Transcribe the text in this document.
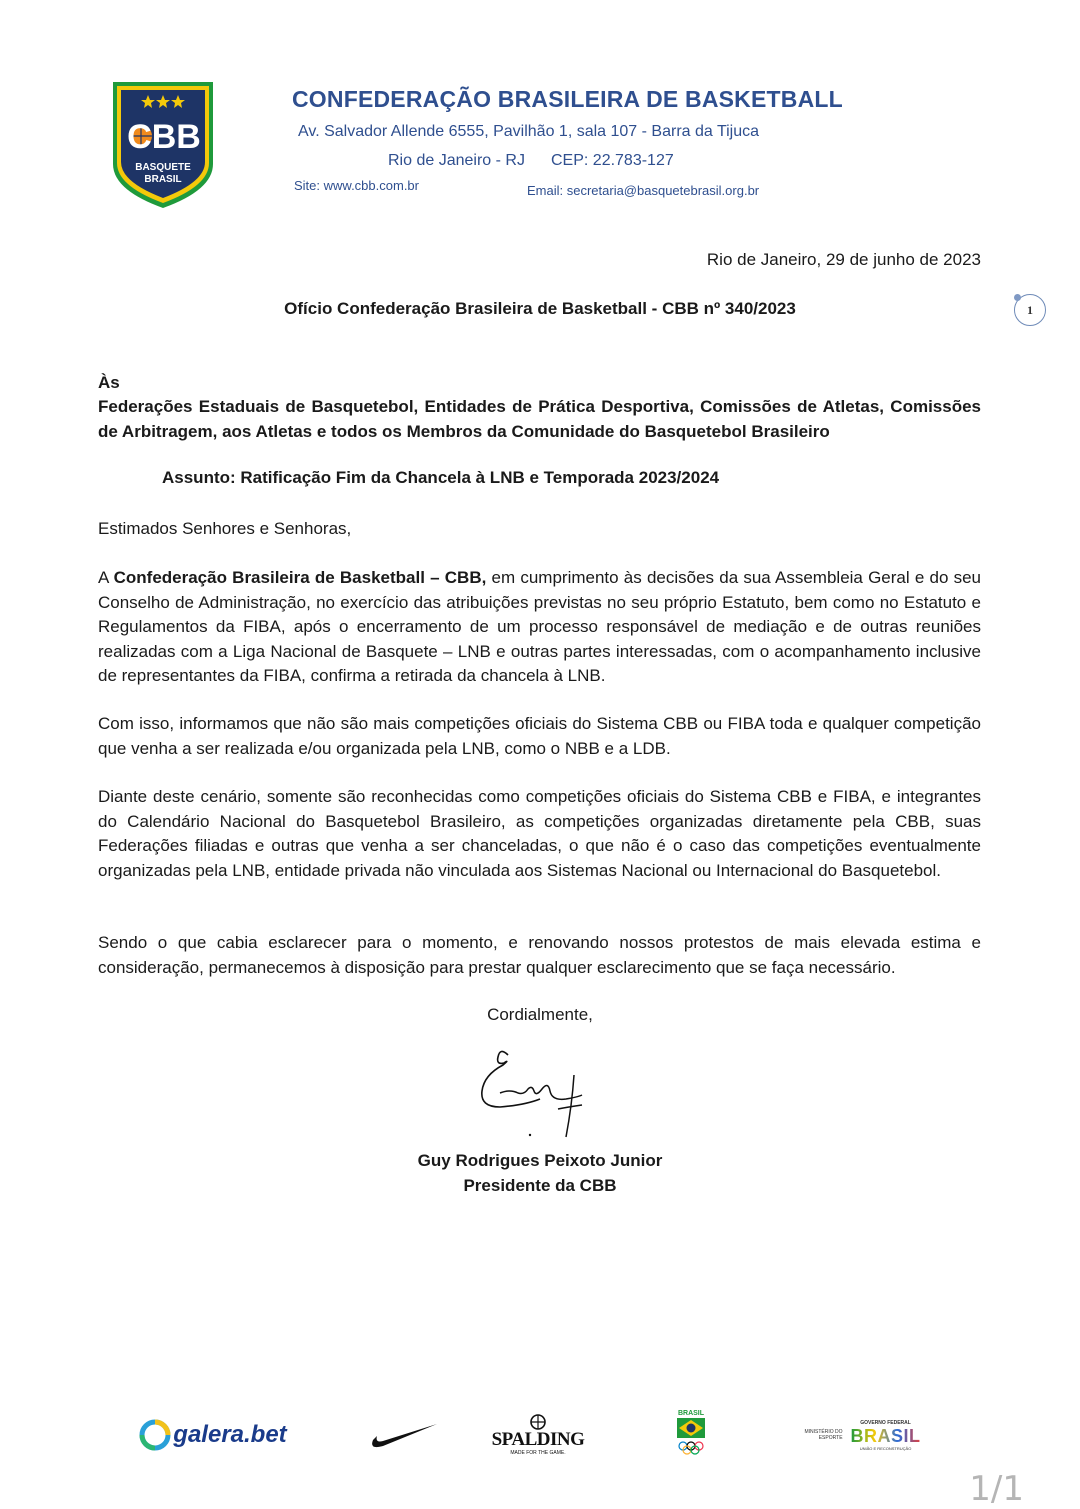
CBB
BASQUETE
BRASIL
CONFEDERAÇÃO BRASILEIRA DE BASKETBALL
Av. Salvador Allende 6555, Pavilhão 1, sala 107 - Barra da Tijuca
Rio de Janeiro - RJ CEP: 22.783-127
Site: www.cbb.com.br	Email: secretaria@basquetebrasil.org.br
Rio de Janeiro, 29 de junho de 2023
Ofício Confederação Brasileira de Basketball - CBB nº 340/2023	1
Às
Federações Estaduais de Basquetebol, Entidades de Prática Desportiva, Comissões de Atletas, Comissões de Arbitragem, aos Atletas e todos os Membros da Comunidade do Basquetebol Brasileiro
Assunto: Ratificação Fim da Chancela à LNB e Temporada 2023/2024
Estimados Senhores e Senhoras,
A Confederação Brasileira de Basketball – CBB, em cumprimento às decisões da sua Assembleia Geral e do seu Conselho de Administração, no exercício das atribuições previstas no seu próprio Estatuto, bem como no Estatuto e Regulamentos da FIBA, após o encerramento de um processo responsável de mediação e de outras reuniões realizadas com a Liga Nacional de Basquete – LNB e outras partes interessadas, com o acompanhamento inclusive de representantes da FIBA, confirma a retirada da chancela à LNB.
Com isso, informamos que não são mais competições oficiais do Sistema CBB ou FIBA toda e qualquer competição que venha a ser realizada e/ou organizada pela LNB, como o NBB e a LDB.
Diante deste cenário, somente são reconhecidas como competições oficiais do Sistema CBB e FIBA, e integrantes do Calendário Nacional do Basquetebol Brasileiro, as competições organizadas diretamente pela CBB, suas Federações filiadas e outras que venha a ser chanceladas, o que não é o caso das competições eventualmente organizadas pela LNB, entidade privada não vinculada aos Sistemas Nacional ou Internacional do Basquetebol.
Sendo o que cabia esclarecer para o momento, e renovando nossos protestos de mais elevada estima e consideração, permanecemos à disposição para prestar qualquer esclarecimento que se faça necessário.
Cordialmente,
Guy Rodrigues Peixoto Junior
Presidente da CBB
galera.bet	SPALDING
MADE FOR THE GAME.
BRASIL
MINISTÉRIO DO
ESPORTE
GOVERNO FEDERAL
BRASIL
UNIÃO E RECONSTRUÇÃO
1/1
